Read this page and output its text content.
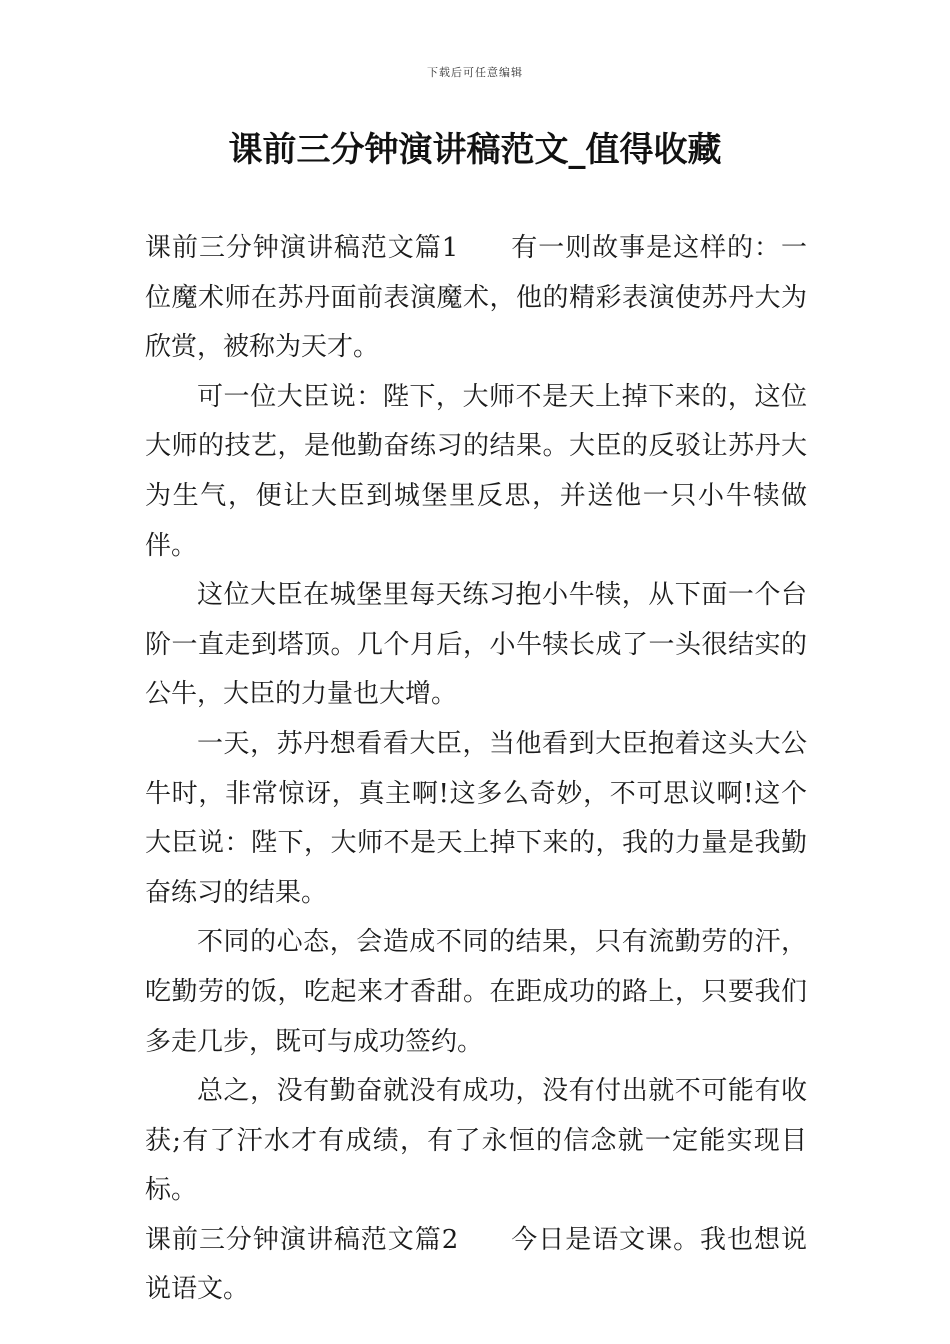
下载后可任意编辑
课前三分钟演讲稿范文_值得收藏

课前三分钟演讲稿范文篇1 有一则故事是这样的：一位魔术师在苏丹面前表演魔术，他的精彩表演使苏丹大为欣赏，被称为天才。

可一位大臣说：陛下，大师不是天上掉下来的，这位大师的技艺，是他勤奋练习的结果。大臣的反驳让苏丹大为生气，便让大臣到城堡里反思，并送他一只小牛犊做伴。

这位大臣在城堡里每天练习抱小牛犊，从下面一个台阶一直走到塔顶。几个月后，小牛犊长成了一头很结实的公牛，大臣的力量也大增。

一天，苏丹想看看大臣，当他看到大臣抱着这头大公牛时，非常惊讶，真主啊!这多么奇妙，不可思议啊!这个大臣说：陛下，大师不是天上掉下来的，我的力量是我勤奋练习的结果。

不同的心态，会造成不同的结果，只有流勤劳的汗，吃勤劳的饭，吃起来才香甜。在距成功的路上，只要我们多走几步，既可与成功签约。

总之，没有勤奋就没有成功，没有付出就不可能有收获;有了汗水才有成绩，有了永恒的信念就一定能实现目标。

课前三分钟演讲稿范文篇2 今日是语文课。我也想说说语文。
